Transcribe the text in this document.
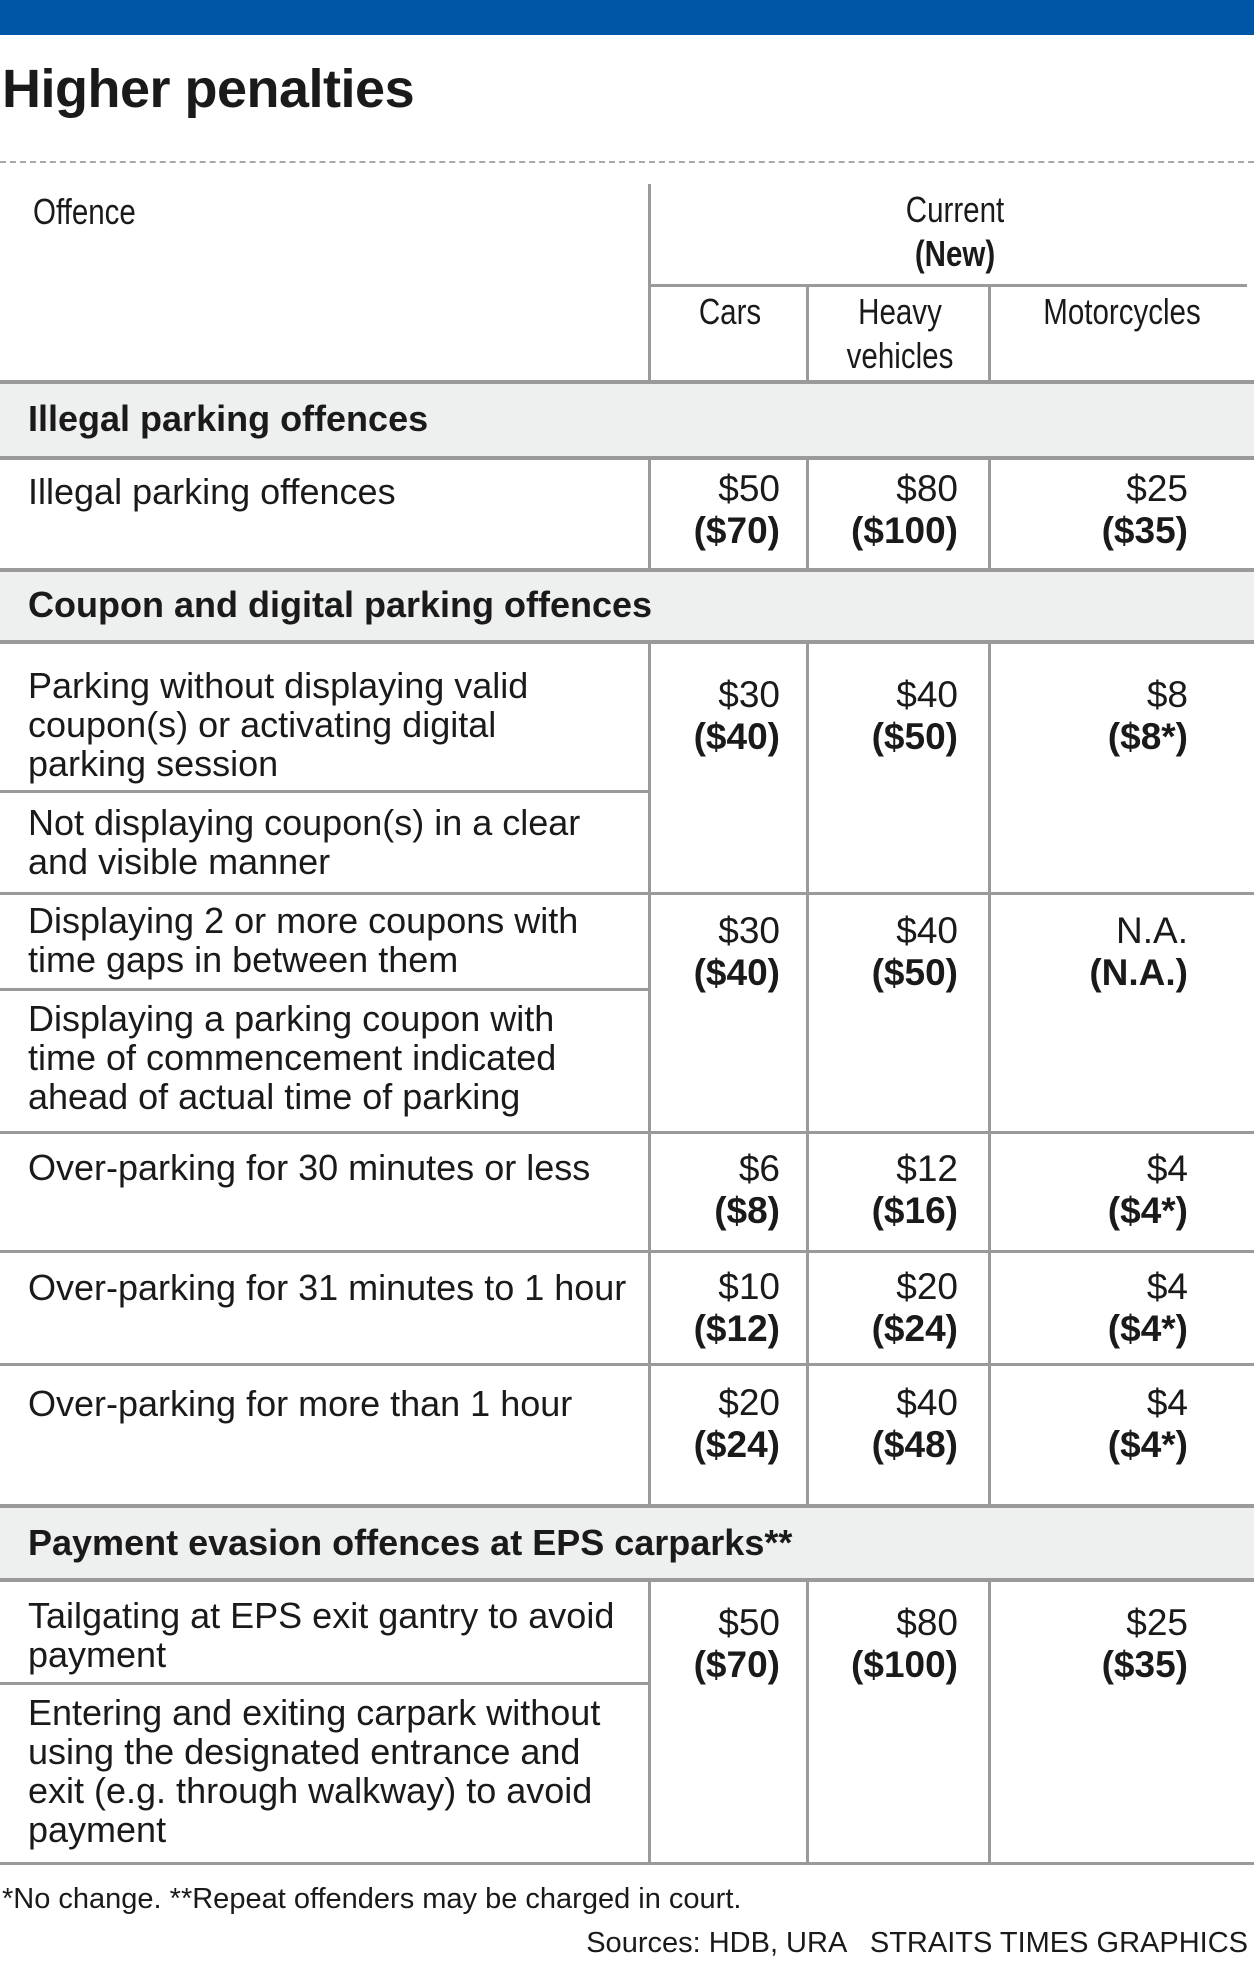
Higher penalties
Offence	Current
(New)
Cars	Heavy
vehicles
Motorcycles
Illegal parking offences
Coupon and digital parking offences
Payment evasion offences at EPS carparks**
Illegal parking offences
Parking without displaying valid
coupon(s) or activating digital
parking session
Not displaying coupon(s) in a clear
and visible manner
Displaying 2 or more coupons with
time gaps in between them
Displaying a parking coupon with
time of commencement indicated
ahead of actual time of parking
Over-parking for 30 minutes or less
Over-parking for 31 minutes to 1 hour
Over-parking for more than 1 hour
Tailgating at EPS exit gantry to avoid
payment
Entering and exiting carpark without
using the designated entrance and
exit (e.g. through walkway) to avoid
payment
$50
($70)
$80
($100)
$25
($35)
$30
($40)
$40
($50)
$8
($8*)
$30
($40)
$40
($50)
N.A.
(N.A.)
$6
($8)
$12
($16)
$4
($4*)
$10
($12)
$20
($24)
$4
($4*)
$20
($24)
$40
($48)
$4
($4*)
$50
($70)
$80
($100)
$25
($35)
*No change. **Repeat offenders may be charged in court.
Sources: HDB, URA   STRAITS TIMES GRAPHICS
